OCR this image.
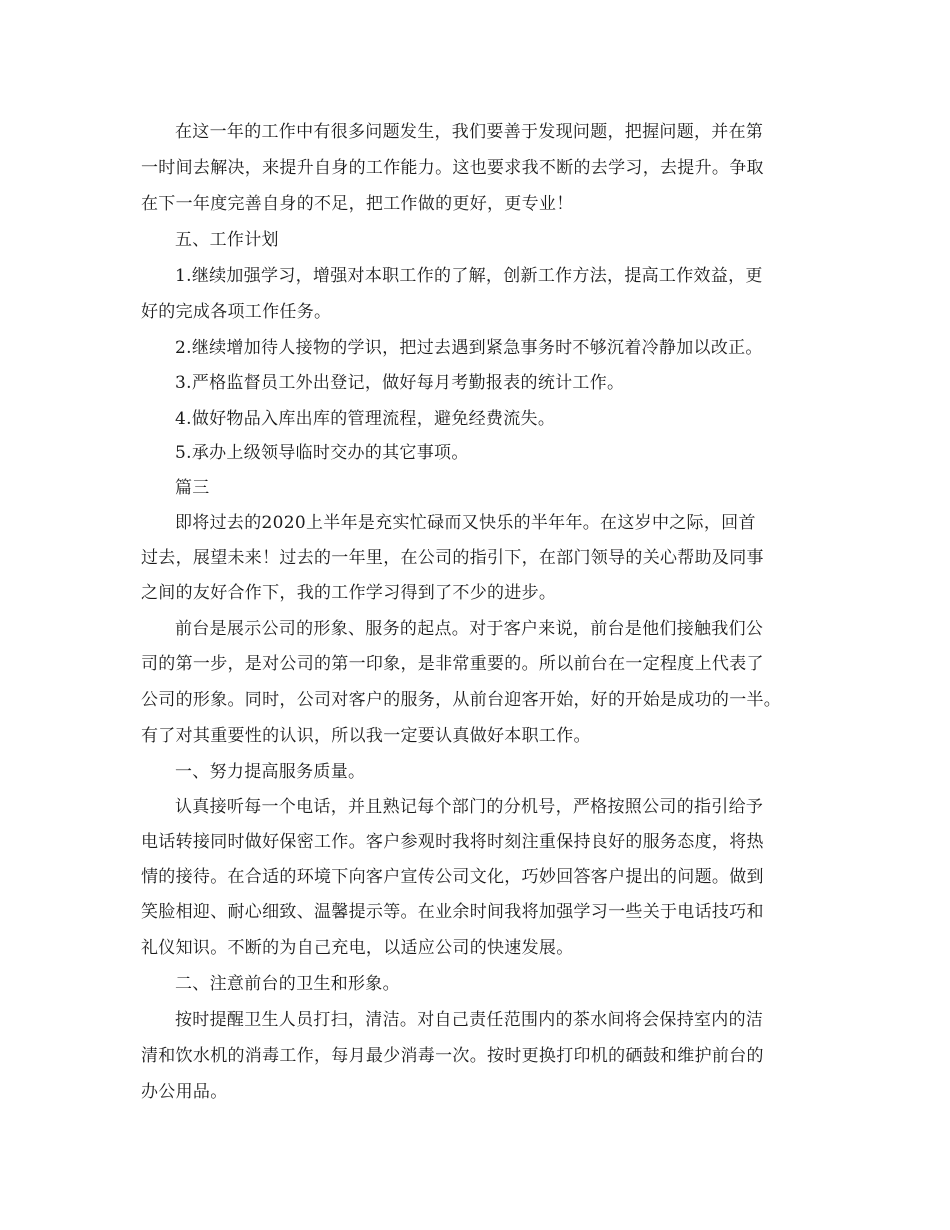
在这一年的工作中有很多问题发生，我们要善于发现问题，把握问题，并在第
一时间去解决，来提升自身的工作能力。这也要求我不断的去学习，去提升。争取
在下一年度完善自身的不足，把工作做的更好，更专业！
五、工作计划
1.继续加强学习，增强对本职工作的了解，创新工作方法，提高工作效益，更
好的完成各项工作任务。
2.继续增加待人接物的学识，把过去遇到紧急事务时不够沉着冷静加以改正。
3.严格监督员工外出登记，做好每月考勤报表的统计工作。
4.做好物品入库出库的管理流程，避免经费流失。
5.承办上级领导临时交办的其它事项。
篇三
即将过去的2020上半年是充实忙碌而又快乐的半年年。在这岁中之际，回首
过去，展望未来！过去的一年里，在公司的指引下，在部门领导的关心帮助及同事
之间的友好合作下，我的工作学习得到了不少的进步。
前台是展示公司的形象、服务的起点。对于客户来说，前台是他们接触我们公
司的第一步，是对公司的第一印象，是非常重要的。所以前台在一定程度上代表了
公司的形象。同时，公司对客户的服务，从前台迎客开始，好的开始是成功的一半。
有了对其重要性的认识，所以我一定要认真做好本职工作。
一、努力提高服务质量。
认真接听每一个电话，并且熟记每个部门的分机号，严格按照公司的指引给予
电话转接同时做好保密工作。客户参观时我将时刻注重保持良好的服务态度，将热
情的接待。在合适的环境下向客户宣传公司文化，巧妙回答客户提出的问题。做到
笑脸相迎、耐心细致、温馨提示等。在业余时间我将加强学习一些关于电话技巧和
礼仪知识。不断的为自己充电，以适应公司的快速发展。
二、注意前台的卫生和形象。
按时提醒卫生人员打扫，清洁。对自己责任范围内的茶水间将会保持室内的洁
清和饮水机的消毒工作，每月最少消毒一次。按时更换打印机的硒鼓和维护前台的
办公用品。
